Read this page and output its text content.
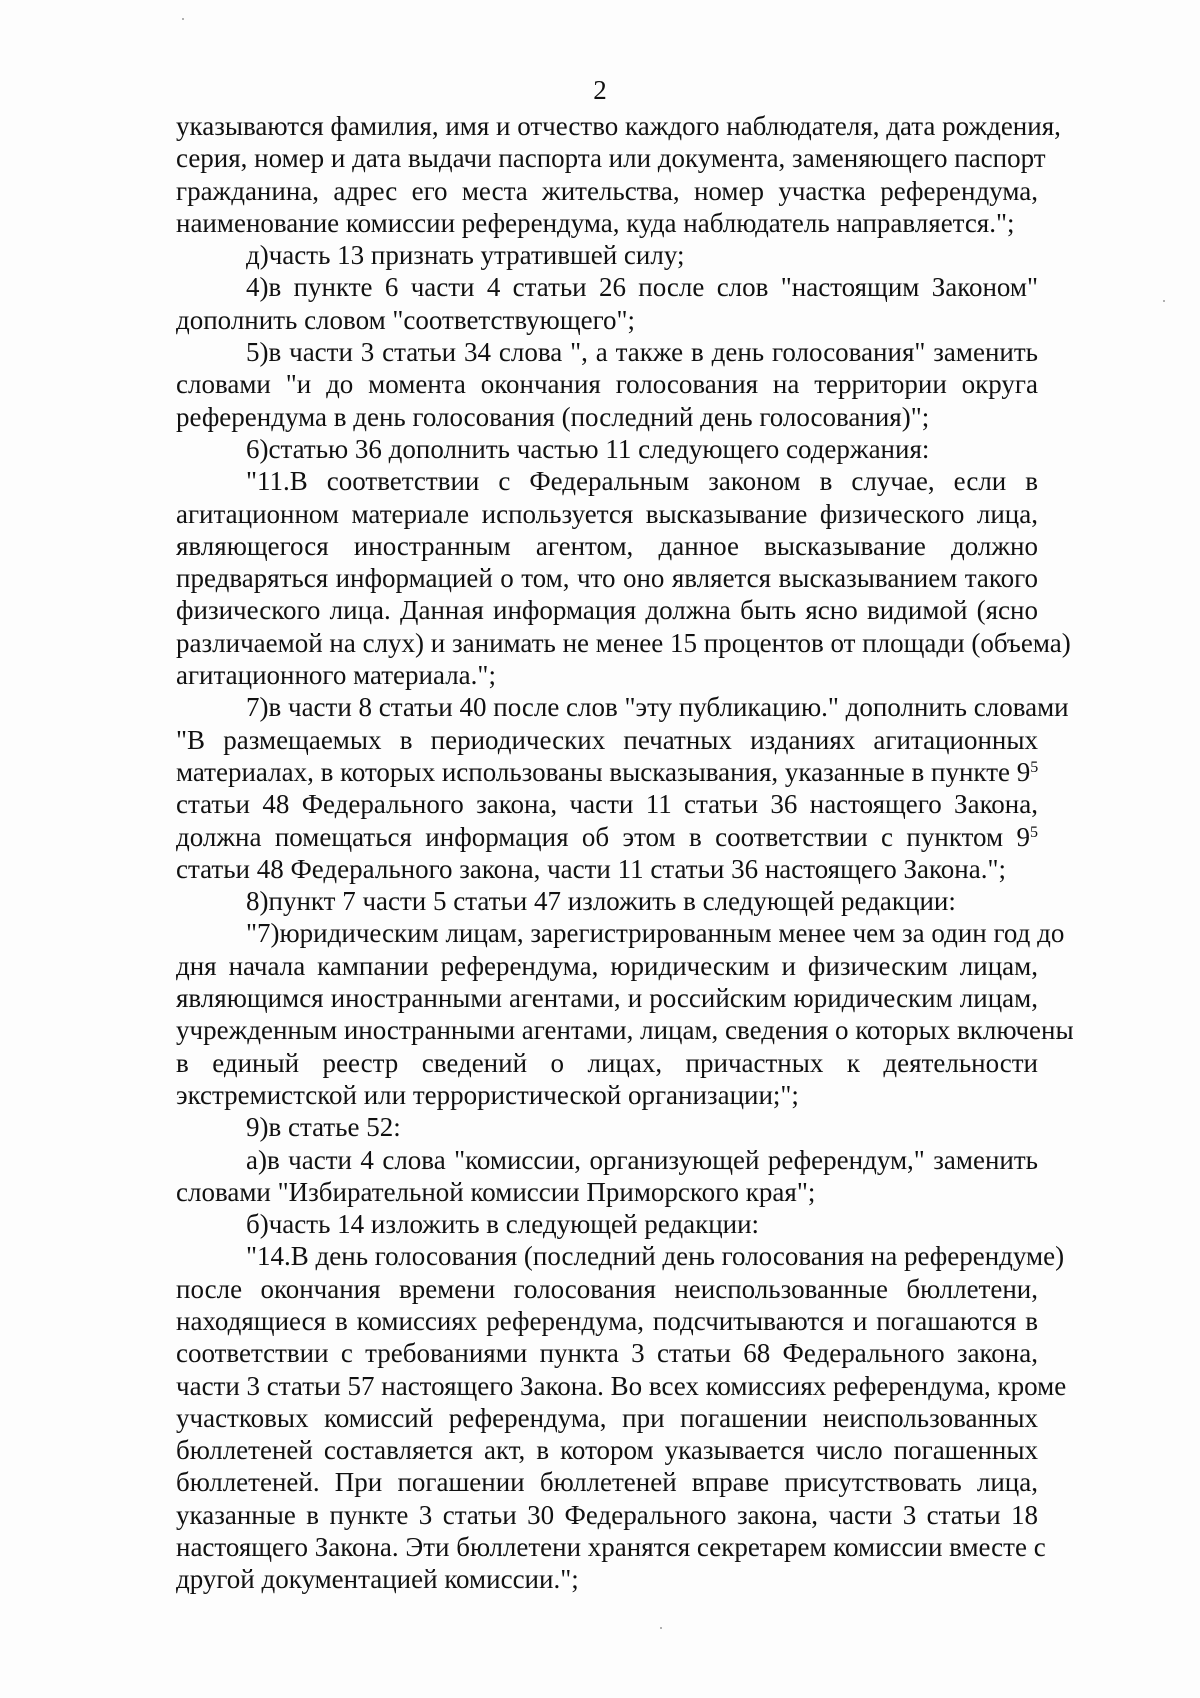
2
указываются фамилия, имя и отчество каждого наблюдателя, дата рождения,
серия, номер и дата выдачи паспорта или документа, заменяющего паспорт
гражданина, адрес его места жительства, номер участка референдума,
наименование комиссии референдума, куда наблюдатель направляется.";
д)часть 13 признать утратившей силу;
4)в пункте 6 части 4 статьи 26 после слов "настоящим Законом"
дополнить словом "соответствующего";
5)в части 3 статьи 34 слова ", а также в день голосования" заменить
словами "и до момента окончания голосования на территории округа
референдума в день голосования (последний день голосования)";
6)статью 36 дополнить частью 11 следующего содержания:
"11.В соответствии с Федеральным законом в случае, если в
агитационном материале используется высказывание физического лица,
являющегося иностранным агентом, данное высказывание должно
предваряться информацией о том, что оно является высказыванием такого
физического лица. Данная информация должна быть ясно видимой (ясно
различаемой на слух) и занимать не менее 15 процентов от площади (объема)
агитационного материала.";
7)в части 8 статьи 40 после слов "эту публикацию." дополнить словами
"В размещаемых в периодических печатных изданиях агитационных
материалах, в которых использованы высказывания, указанные в пункте $9^5$
статьи 48 Федерального закона, части 11 статьи 36 настоящего Закона,
должна помещаться информация об этом в соответствии с пунктом $9^5$
статьи 48 Федерального закона, части 11 статьи 36 настоящего Закона.";
8)пункт 7 части 5 статьи 47 изложить в следующей редакции:
"7)юридическим лицам, зарегистрированным менее чем за один год до
дня начала кампании референдума, юридическим и физическим лицам,
являющимся иностранными агентами, и российским юридическим лицам,
учрежденным иностранными агентами, лицам, сведения о которых включены
в единый реестр сведений о лицах, причастных к деятельности
экстремистской или террористической организации;";
9)в статье 52:
а)в части 4 слова "комиссии, организующей референдум," заменить
словами "Избирательной комиссии Приморского края";
б)часть 14 изложить в следующей редакции:
"14.В день голосования (последний день голосования на референдуме)
после окончания времени голосования неиспользованные бюллетени,
находящиеся в комиссиях референдума, подсчитываются и погашаются в
соответствии с требованиями пункта 3 статьи 68 Федерального закона,
части 3 статьи 57 настоящего Закона. Во всех комиссиях референдума, кроме
участковых комиссий референдума, при погашении неиспользованных
бюллетеней составляется акт, в котором указывается число погашенных
бюллетеней. При погашении бюллетеней вправе присутствовать лица,
указанные в пункте 3 статьи 30 Федерального закона, части 3 статьи 18
настоящего Закона. Эти бюллетени хранятся секретарем комиссии вместе с
другой документацией комиссии.";
